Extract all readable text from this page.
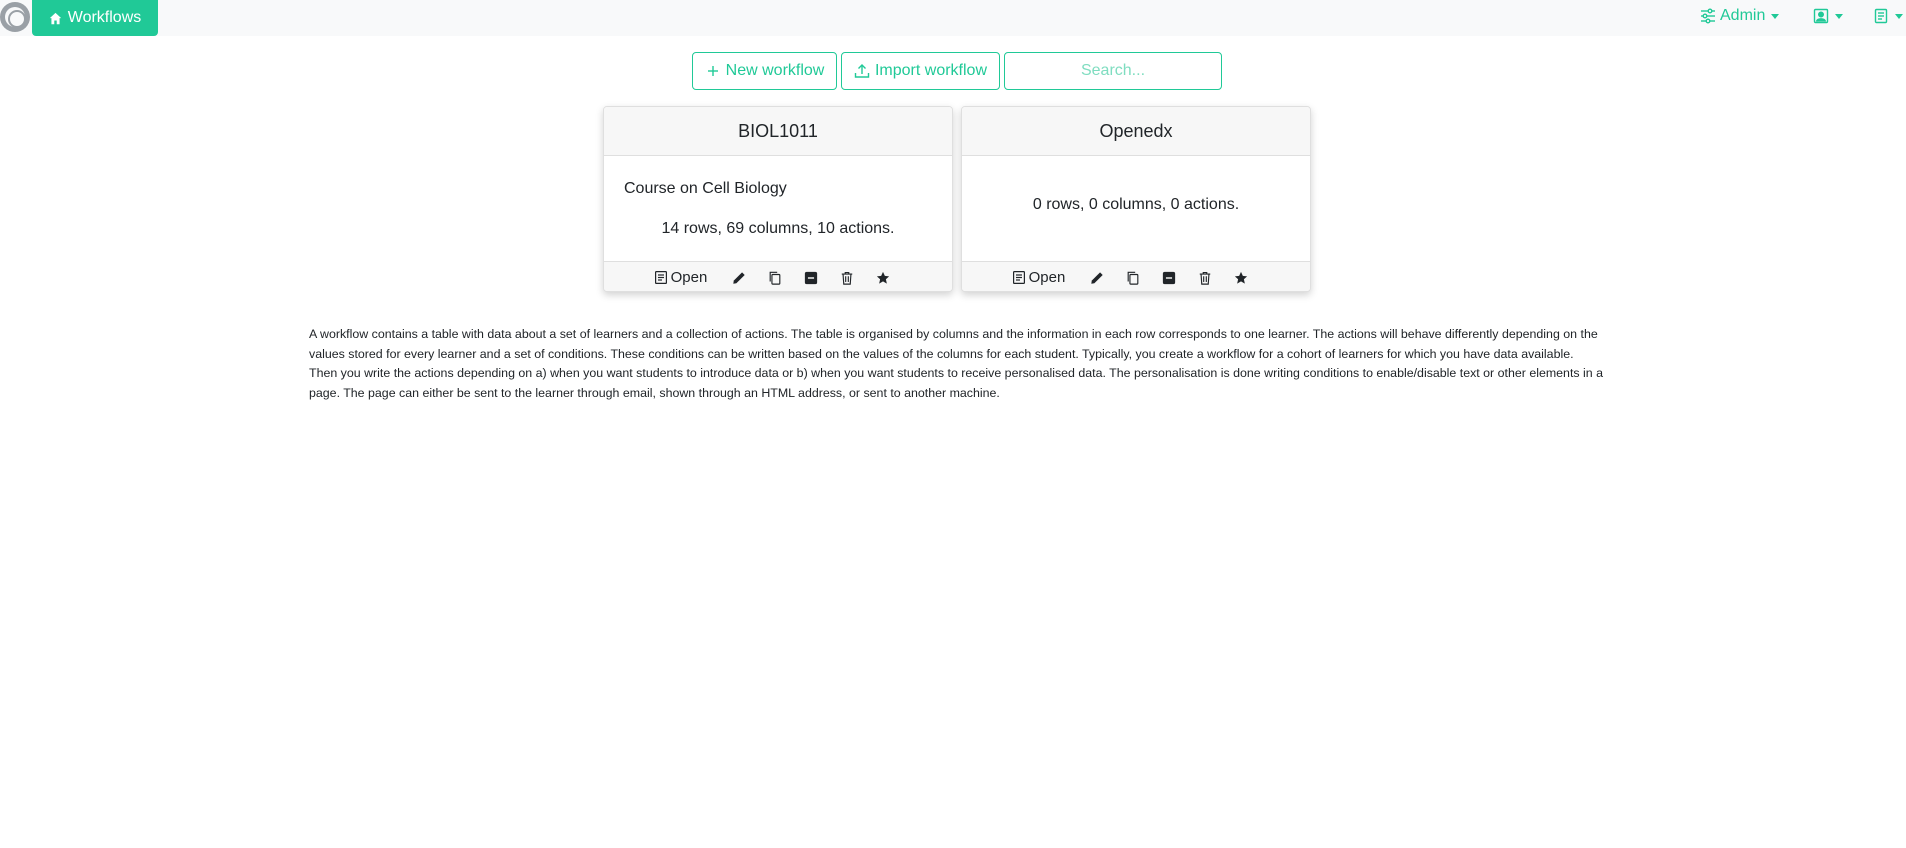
Workflows	Admin
New workflow	Import workflow
Search...
BIOL1011
Course on Cell Biology
14 rows, 69 columns, 10 actions.
Open
Openedx
0 rows, 0 columns, 0 actions.
Open

A workflow contains a table with data about a set of learners and a collection of actions. The table is organised by columns and the information in each row corresponds to one learner. The actions will behave differently depending on the values stored for every learner and a set of conditions. These conditions can be written based on the values of the columns for each student. Typically, you create a workflow for a cohort of learners for which you have data available. Then you write the actions depending on a) when you want students to introduce data or b) when you want students to receive personalised data. The personalisation is done writing conditions to enable/disable text or other elements in a page. The page can either be sent to the learner through email, shown through an HTML address, or sent to another machine.
